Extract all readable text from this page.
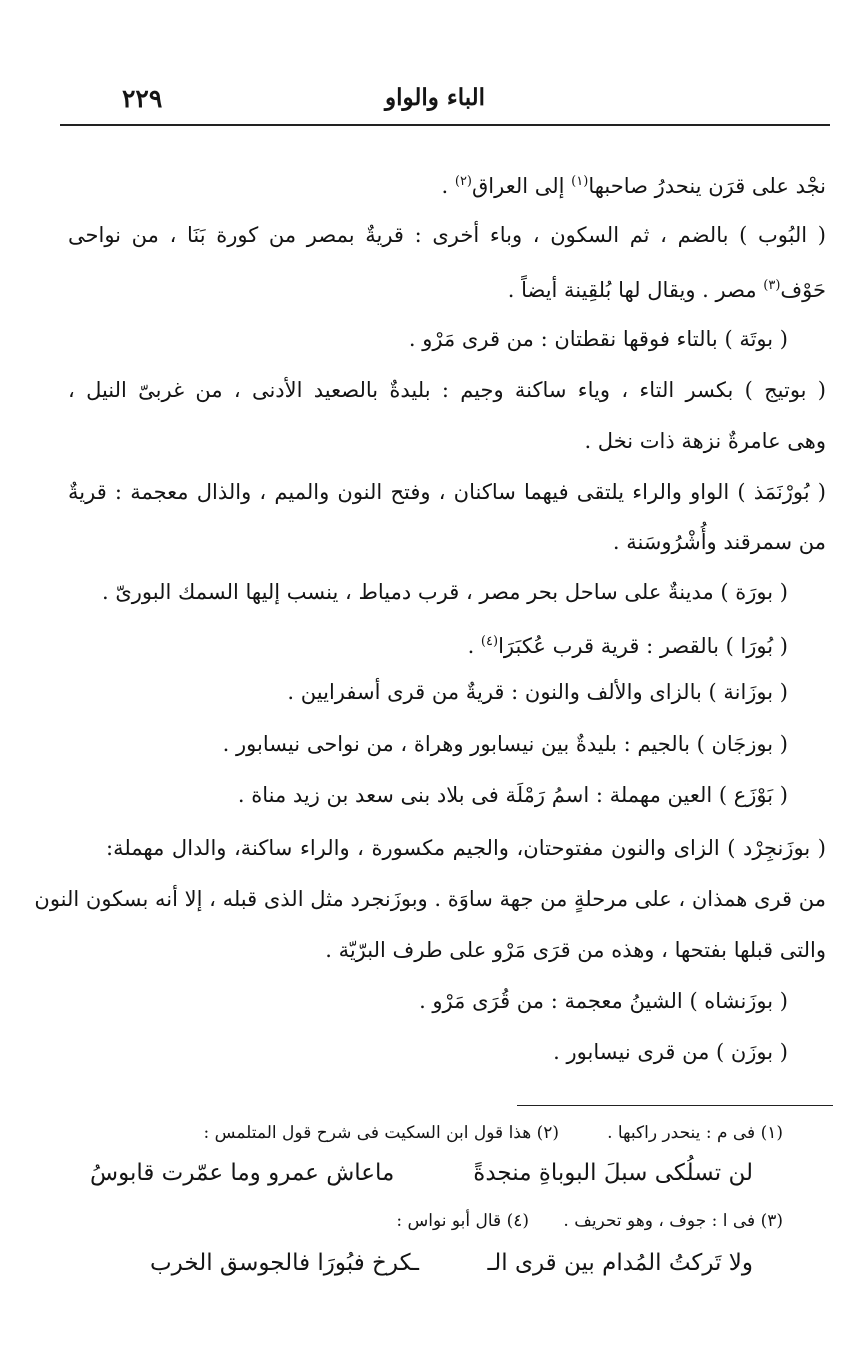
٢٢٩	الباء والواو
نجْد على قرَن ينحدرُ صاحبها$^{(١)}$ إلى العراق$^{(٢)}$ .
( البُوب ) بالضم ، ثم السكون ، وباء أخرى : قريةٌ بمصر من كورة بَنَا ، من نواحى
حَوْف$^{(٣)}$ مصر . ويقال لها بُلقِينة أيضاً .
( بوتَة ) بالتاء فوقها نقطتان : من قرى مَرْو .
( بوتيج ) بكسر التاء ، وياء ساكنة وجيم : بليدةٌ بالصعيد الأدنى ، من غربىّ النيل ،
وهى عامرةٌ نزهة ذات نخل .
( بُورْنَمَذ ) الواو والراء يلتقى فيهما ساكنان ، وفتح النون والميم ، والذال معجمة : قريةٌ
من سمرقند وأُشْرُوسَنة .
( بورَة ) مدينةٌ على ساحل بحر مصر ، قرب دمياط ، ينسب إليها السمك البورىّ .
( بُورَا ) بالقصر : قرية قرب عُكبَرَا$^{(٤)}$ .
( بوزَانة ) بالزاى والألف والنون : قريةٌ من قرى أسفرايين .
( بوزجَان ) بالجيم : بليدةٌ بين نيسابور وهراة ، من نواحى نيسابور .
( بَوْزَع ) العين مهملة : اسمُ رَمْلَة فى بلاد بنى سعد بن زيد مناة .
( بوزَنجِرْد ) الزاى والنون مفتوحتان، والجيم مكسورة ، والراء ساكنة، والدال مهملة:
من قرى همذان ، على مرحلةٍ من جهة ساوَة . وبوزَنجرد مثل الذى قبله ، إلا أنه بسكون النون
والتى قبلها بفتحها ، وهذه من قرَى مَرْو على طرف البرّيّة .
( بوزَنشاه ) الشينُ معجمة : من قُرَى مَرْو .
( بوزَن ) من قرى نيسابور .
(١) فى م : ينحدر راكبها .
(٢) هذا قول ابن السكيت فى شرح قول المتلمس :
لن تسلُكى سبلَ البوباةِ منجدةً
ماعاش عمرو وما عمّرت قابوسُ
(٣) فى ا : جوف ، وهو تحريف .
(٤) قال أبو نواس :
ولا تَركتُ المُدام بين قرى الـ
ـكرخ فبُورَا فالجوسق الخرب
